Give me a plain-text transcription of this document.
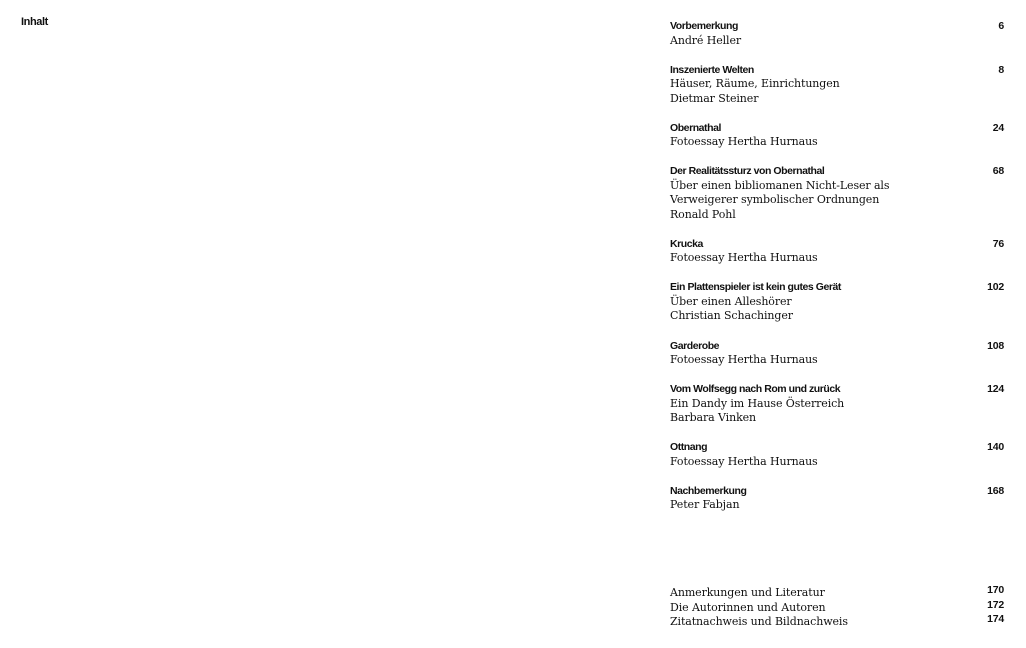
Inhalt	Vorbemerkung	6
André Heller
Inszenierte Welten	8
Häuser, Räume, Einrichtungen
Dietmar Steiner
Obernathal	24
Fotoessay Hertha Hurnaus
Der Realitätssturz von Obernathal	68
Über einen bibliomanen Nicht-Leser als
Verweigerer symbolischer Ordnungen
Ronald Pohl
Krucka	76
Fotoessay Hertha Hurnaus
Ein Plattenspieler ist kein gutes Gerät	102
Über einen Alleshörer
Christian Schachinger
Garderobe	108
Fotoessay Hertha Hurnaus
Vom Wolfsegg nach Rom und zurück	124
Ein Dandy im Hause Österreich
Barbara Vinken
Ottnang	140
Fotoessay Hertha Hurnaus
Nachbemerkung	168
Peter Fabjan
Anmerkungen und Literatur	170
Die Autorinnen und Autoren	172
Zitatnachweis und Bildnachweis	174
